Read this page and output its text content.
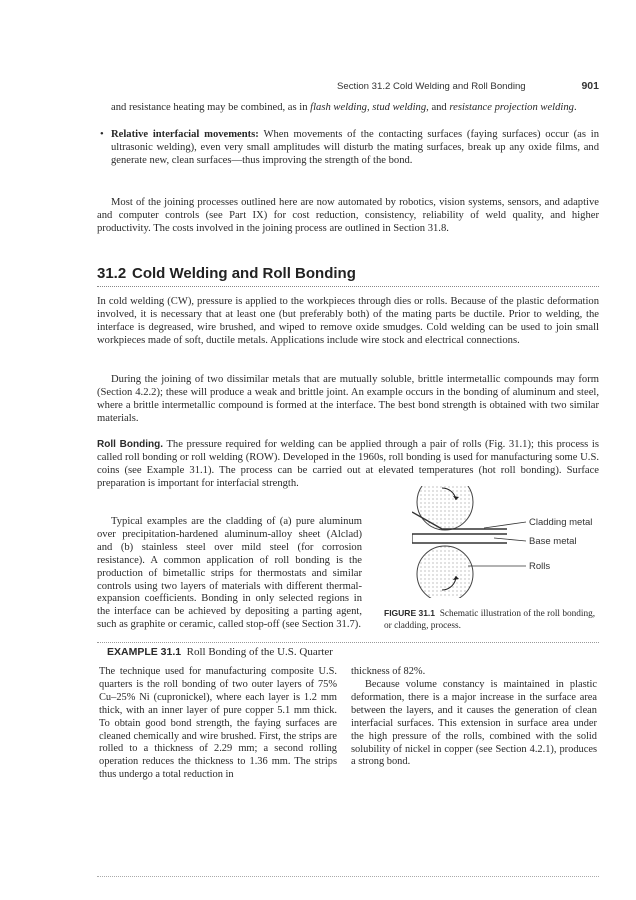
Section 31.2 Cold Welding and Roll Bonding	901

and resistance heating may be combined, as in flash welding, stud welding, and resistance projection welding.

• Relative interfacial movements: When movements of the contacting surfaces (faying surfaces) occur (as in ultrasonic welding), even very small amplitudes will disturb the mating surfaces, break up any oxide films, and generate new, clean surfaces—thus improving the strength of the bond.

Most of the joining processes outlined here are now automated by robotics, vision systems, sensors, and adaptive and computer controls (see Part IX) for cost reduction, consistency, reliability of weld quality, and higher productivity. The costs involved in the joining process are outlined in Section 31.8.

31.2 Cold Welding and Roll Bonding

In cold welding (CW), pressure is applied to the workpieces through dies or rolls. Because of the plastic deformation involved, it is necessary that at least one (but preferably both) of the mating parts be ductile. Prior to welding, the interface is degreased, wire brushed, and wiped to remove oxide smudges. Cold welding can be used to join small workpieces made of soft, ductile metals. Applications include wire stock and electrical connections.

During the joining of two dissimilar metals that are mutually soluble, brittle intermetallic compounds may form (Section 4.2.2); these will produce a weak and brittle joint. An example occurs in the bonding of aluminum and steel, where a brittle intermetallic compound is formed at the interface. The best bond strength is obtained with two similar materials.

Roll Bonding. The pressure required for welding can be applied through a pair of rolls (Fig. 31.1); this process is called roll bonding or roll welding (ROW). Developed in the 1960s, roll bonding is used for manufacturing some U.S. coins (see Example 31.1). The process can be carried out at elevated temperatures (hot roll bonding). Surface preparation is important for interfacial strength.

Typical examples are the cladding of (a) pure aluminum over precipitation-hardened aluminum-alloy sheet (Alclad) and (b) stainless steel over mild steel (for corrosion resistance). A common application of roll bonding is the production of bimetallic strips for thermostats and similar controls using two layers of materials with different thermal-expansion coefficients. Bonding in only selected regions in the interface can be achieved by depositing a parting agent, such as graphite or ceramic, called stop-off (see Section 31.7).

Cladding metal
Base metal
Rolls
FIGURE 31.1 Schematic illustration of the roll bonding, or cladding, process.
EXAMPLE 31.1 Roll Bonding of the U.S. Quarter

The technique used for manufacturing composite U.S. quarters is the roll bonding of two outer layers of 75% Cu–25% Ni (cupronickel), where each layer is 1.2 mm thick, with an inner layer of pure copper 5.1 mm thick. To obtain good bond strength, the faying surfaces are cleaned chemically and wire brushed. First, the strips are rolled to a thickness of 2.29 mm; a second rolling operation reduces the thickness to 1.36 mm. The strips thus undergo a total reduction in

thickness of 82%.

Because volume constancy is maintained in plastic deformation, there is a major increase in the surface area between the layers, and it causes the generation of clean interfacial surfaces. This extension in surface area under the high pressure of the rolls, combined with the solid solubility of nickel in copper (see Section 4.2.1), produces a strong bond.
